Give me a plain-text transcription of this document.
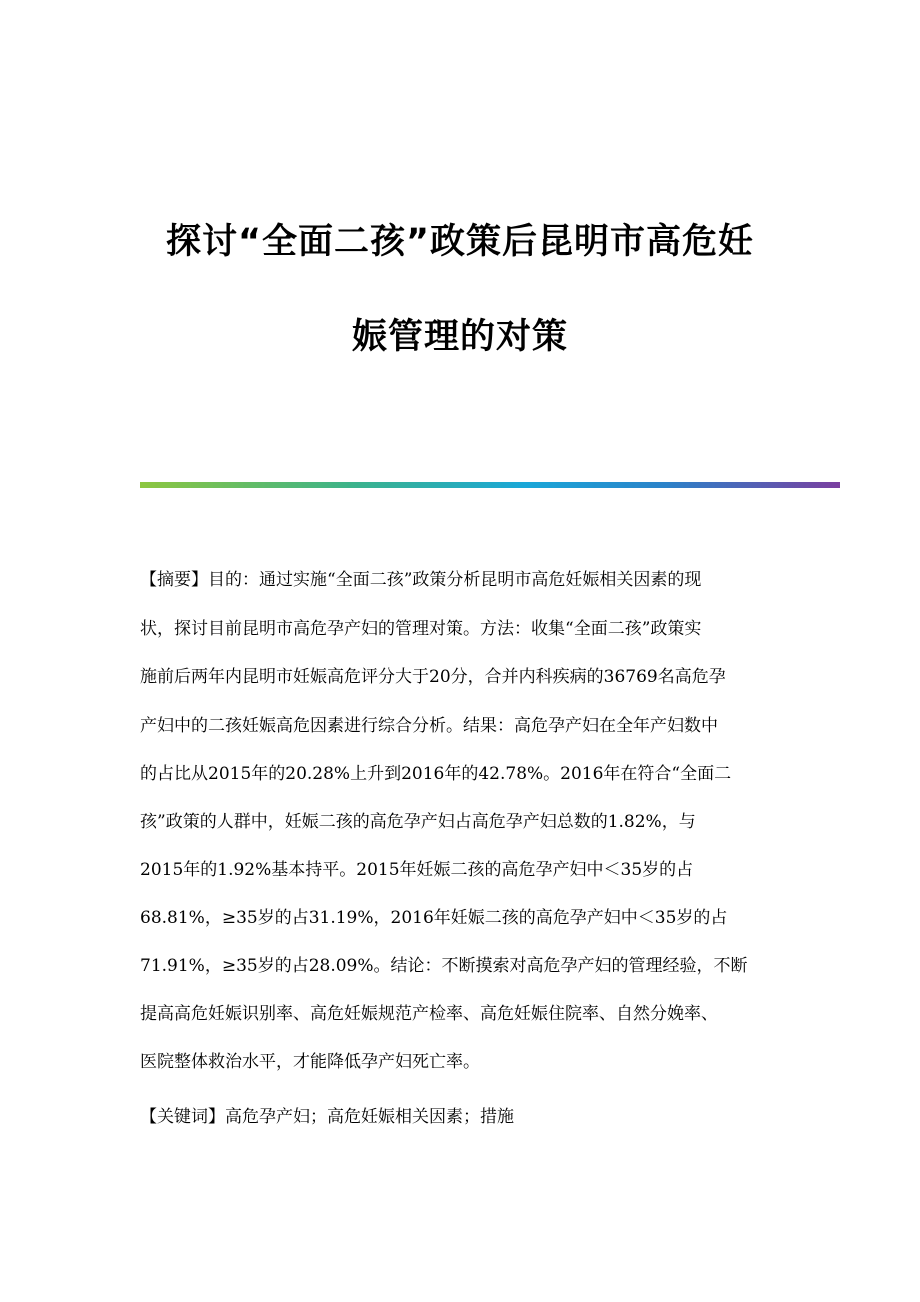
探讨“全面二孩”政策后昆明市高危妊
娠管理的对策
【摘要】目的：通过实施“全面二孩”政策分析昆明市高危妊娠相关因素的现
状，探讨目前昆明市高危孕产妇的管理对策。方法：收集“全面二孩”政策实
施前后两年内昆明市妊娠高危评分大于20分，合并内科疾病的36769名高危孕
产妇中的二孩妊娠高危因素进行综合分析。结果：高危孕产妇在全年产妇数中
的占比从2015年的20.28%上升到2016年的42.78%。2016年在符合“全面二
孩”政策的人群中，妊娠二孩的高危孕产妇占高危孕产妇总数的1.82%，与
2015年的1.92%基本持平。2015年妊娠二孩的高危孕产妇中＜35岁的占
68.81%，≥35岁的占31.19%，2016年妊娠二孩的高危孕产妇中＜35岁的占
71.91%，≥35岁的占28.09%。结论：不断摸索对高危孕产妇的管理经验，不断
提高高危妊娠识别率、高危妊娠规范产检率、高危妊娠住院率、自然分娩率、
医院整体救治水平，才能降低孕产妇死亡率。
【关键词】高危孕产妇；高危妊娠相关因素；措施
